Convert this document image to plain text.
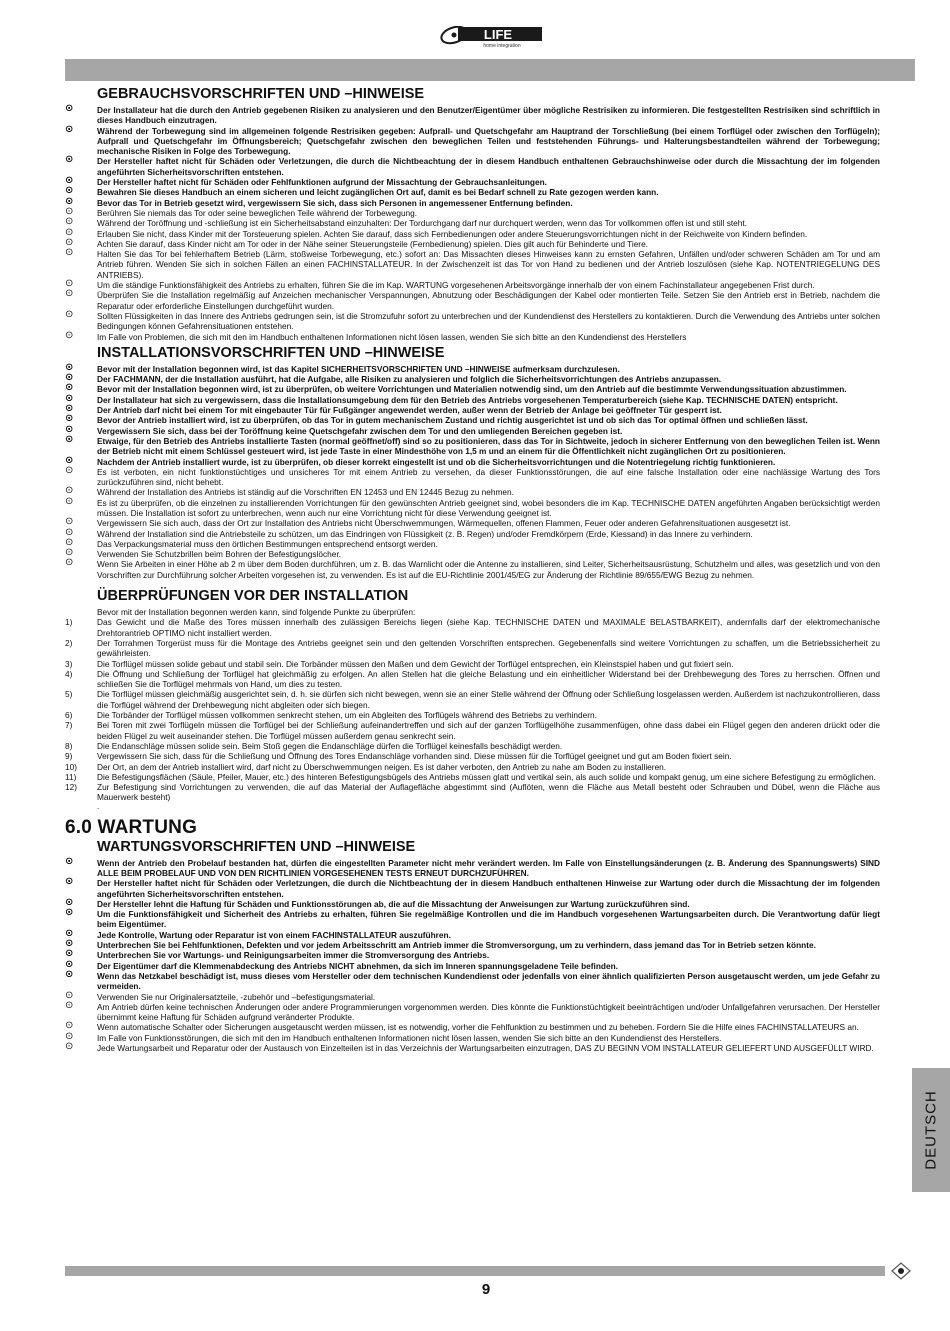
LIFE
home integration
GEBRAUCHSVORSCHRIFTEN UND –HINWEISE
⊙ Der Installateur hat die durch den Antrieb gegebenen Risiken zu analysieren und den Benutzer/Eigentümer über mögliche Restrisiken zu informieren. Die festgestellten Restrisiken sind schriftlich in dieses Handbuch einzutragen.
⊙ Während der Torbewegung sind im allgemeinen folgende Restrisiken gegeben: Aufprall- und Quetschgefahr am Hauptrand der Torschließung (bei einem Torflügel oder zwischen den Torflügeln); Aufprall und Quetschgefahr im Öffnungsbereich; Quetschgefahr zwischen den beweglichen Teilen und feststehenden Führungs- und Halterungsbestandteilen während der Torbewegung; mechanische Risiken in Folge des Torbewegung.
⊙ Der Hersteller haftet nicht für Schäden oder Verletzungen, die durch die Nichtbeachtung der in diesem Handbuch enthaltenen Gebrauchshinweise oder durch die Missachtung der im folgenden angeführten Sicherheitsvorschriften entstehen.
⊙ Der Hersteller haftet nicht für Schäden oder Fehlfunktionen aufgrund der Missachtung der Gebrauchsanleitungen.
⊙ Bewahren Sie dieses Handbuch an einem sicheren und leicht zugänglichen Ort auf, damit es bei Bedarf schnell zu Rate gezogen werden kann.
⊙ Bevor das Tor in Betrieb gesetzt wird, vergewissern Sie sich, dass sich Personen in angemessener Entfernung befinden.
⊙ Berühren Sie niemals das Tor oder seine beweglichen Teile während der Torbewegung.
⊙ Während der Toröffnung und -schließung ist ein Sicherheitsabstand einzuhalten: Der Tordurchgang darf nur durchquert werden, wenn das Tor vollkommen offen ist und still steht.
⊙ Erlauben Sie nicht, dass Kinder mit der Torsteuerung spielen. Achten Sie darauf, dass sich Fernbedienungen oder andere Steuerungsvorrichtungen nicht in der Reichweite von Kindern befinden.
⊙ Achten Sie darauf, dass Kinder nicht am Tor oder in der Nähe seiner Steuerungsteile (Fernbedienung) spielen. Dies gilt auch für Behinderte und Tiere.
⊙ Halten Sie das Tor bei fehlerhaftem Betrieb (Lärm, stoßweise Torbewegung, etc.) sofort an: Das Missachten dieses Hinweises kann zu ernsten Gefahren, Unfällen und/oder schweren Schäden am Tor und am Antrieb führen. Wenden Sie sich in solchen Fällen an einen FACHINSTALLATEUR. In der Zwischenzeit ist das Tor von Hand zu bedienen und der Antrieb loszulösen (siehe Kap. NOTENTRIEGELUNG DES ANTRIEBS).
⊙ Um die ständige Funktionsfähigkeit des Antriebs zu erhalten, führen Sie die im Kap. WARTUNG vorgesehenen Arbeitsvorgänge innerhalb der von einem Fachinstallateur angegebenen Frist durch.
⊙ Überprüfen Sie die Installation regelmäßig auf Anzeichen mechanischer Verspannungen, Abnutzung oder Beschädigungen der Kabel oder montierten Teile. Setzen Sie den Antrieb erst in Betrieb, nachdem die Reparatur oder erforderliche Einstellungen durchgeführt wurden.
⊙ Sollten Flüssigkeiten in das Innere des Antriebs gedrungen sein, ist die Stromzufuhr sofort zu unterbrechen und der Kundendienst des Herstellers zu kontaktieren. Durch die Verwendung des Antriebs unter solchen Bedingungen können Gefahrensituationen entstehen.
⊙ Im Falle von Problemen, die sich mit den im Handbuch enthaltenen Informationen nicht lösen lassen, wenden Sie sich bitte an den Kundendienst des Herstellers
INSTALLATIONSVORSCHRIFTEN UND –HINWEISE
⊙ Bevor mit der Installation begonnen wird, ist das Kapitel SICHERHEITSVORSCHRIFTEN UND –HINWEISE aufmerksam durchzulesen.
⊙ Der FACHMANN, der die Installation ausführt, hat die Aufgabe, alle Risiken zu analysieren und folglich die Sicherheitsvorrichtungen des Antriebs anzupassen.
⊙ Bevor mit der Installation begonnen wird, ist zu überprüfen, ob weitere Vorrichtungen und Materialien notwendig sind, um den Antrieb auf die bestimmte Verwendungssituation abzustimmen.
⊙ Der Installateur hat sich zu vergewissern, dass die Installationsumgebung dem für den Betrieb des Antriebs vorgesehenen Temperaturbereich (siehe Kap. TECHNISCHE DATEN) entspricht.
⊙ Der Antrieb darf nicht bei einem Tor mit eingebauter Tür für Fußgänger angewendet werden, außer wenn der Betrieb der Anlage bei geöffneter Tür gesperrt ist.
⊙ Bevor der Antrieb installiert wird, ist zu überprüfen, ob das Tor in gutem mechanischem Zustand und richtig ausgerichtet ist und ob sich das Tor optimal öffnen und schließen lässt.
⊙ Vergewissern Sie sich, dass bei der Toröffnung keine Quetschgefahr zwischen dem Tor und den umliegenden Bereichen gegeben ist.
⊙ Etwaige, für den Betrieb des Antriebs installierte Tasten (normal geöffnet/off) sind so zu positionieren, dass das Tor in Sichtweite, jedoch in sicherer Entfernung von den beweglichen Teilen ist. Wenn der Betrieb nicht mit einem Schlüssel gesteuert wird, ist jede Taste in einer Mindesthöhe von 1,5 m und an einem für die Öffentlichkeit nicht zugänglichen Ort zu positionieren.
⊙ Nachdem der Antrieb installiert wurde, ist zu überprüfen, ob dieser korrekt eingestellt ist und ob die Sicherheitsvorrichtungen und die Notentriegelung richtig funktionieren.
⊙ Es ist verboten, ein nicht funktionstüchtiges und unsicheres Tor mit einem Antrieb zu versehen, da dieser Funktionsstörungen, die auf eine falsche Installation oder eine nachlässige Wartung des Tors zurückzuführen sind, nicht behebt.
⊙ Während der Installation des Antriebs ist ständig auf die Vorschriften EN 12453 und EN 12445 Bezug zu nehmen.
⊙ Es ist zu überprüfen, ob die einzelnen zu installierenden Vorrichtungen für den gewünschten Antrieb geeignet sind, wobei besonders die im Kap. TECHNISCHE DATEN angeführten Angaben berücksichtigt werden müssen. Die Installation ist sofort zu unterbrechen, wenn auch nur eine Vorrichtung nicht für diese Verwendung geeignet ist.
⊙ Vergewissern Sie sich auch, dass der Ort zur Installation des Antriebs nicht Überschwemmungen, Wärmequellen, offenen Flammen, Feuer oder anderen Gefahrensituationen ausgesetzt ist.
⊙ Während der Installation sind die Antriebsteile zu schützen, um das Eindringen von Flüssigkeit (z. B. Regen) und/oder Fremdkörpern (Erde, Kiessand) in das Innere zu verhindern.
⊙ Das Verpackungsmaterial muss den örtlichen Bestimmungen entsprechend entsorgt werden.
⊙ Verwenden Sie Schutzbrillen beim Bohren der Befestigungslöcher.
⊙ Wenn Sie Arbeiten in einer Höhe ab 2 m über dem Boden durchführen, um z. B. das Warnlicht oder die Antenne zu installieren, sind Leiter, Sicherheitsausrüstung, Schutzhelm und alles, was gesetzlich und von den Vorschriften zur Durchführung solcher Arbeiten vorgesehen ist, zu verwenden. Es ist auf die EU-Richtlinie 2001/45/EG zur Änderung der Richtlinie 89/655/EWG Bezug zu nehmen.
ÜBERPRÜFUNGEN VOR DER INSTALLATION
Bevor mit der Installation begonnen werden kann, sind folgende Punkte zu überprüfen:
1)	Das Gewicht und die Maße des Tores müssen innerhalb des zulässigen Bereichs liegen (siehe Kap. TECHNISCHE DATEN und MAXIMALE BELASTBARKEIT), andernfalls darf der elektromechanische Drehtorantrieb OPTIMO nicht installiert werden.
2)	Der Torrahmen Torgerüst muss für die Montage des Antriebs geeignet sein und den geltenden Vorschriften entsprechen. Gegebenenfalls sind weitere Vorrichtungen zu schaffen, um die Betriebssicherheit zu gewährleisten.
3)	Die Torflügel müssen solide gebaut und stabil sein. Die Torbänder müssen den Maßen und dem Gewicht der Torflügel entsprechen, ein Kleinstspiel haben und gut fixiert sein.
4)	Die Öffnung und Schließung der Torflügel hat gleichmäßig zu erfolgen. An allen Stellen hat die gleiche Belastung und ein einheitlicher Widerstand bei der Drehbewegung des Tores zu herrschen. Öffnen und schließen Sie die Torflügel mehrmals von Hand, um dies zu testen.
5)	Die Torflügel müssen gleichmäßig ausgerichtet sein, d. h. sie dürfen sich nicht bewegen, wenn sie an einer Stelle während der Öffnung oder Schließung losgelassen werden. Außerdem ist nachzukontrollieren, dass die Torflügel während der Drehbewegung nicht abgleiten oder sich biegen.
6)	Die Torbänder der Torflügel müssen vollkommen senkrecht stehen, um ein Abgleiten des Torflügels während des Betriebs zu verhindern.
7)	Bei Toren mit zwei Torflügeln müssen die Torflügel bei der Schließung aufeinandertreffen und sich auf der ganzen Torflügelhöhe zusammenfügen, ohne dass dabei ein Flügel gegen den anderen drückt oder die beiden Flügel zu weit auseinander stehen. Die Torflügel müssen außerdem genau senkrecht sein.
8)	Die Endanschläge müssen solide sein. Beim Stoß gegen die Endanschläge dürfen die Torflügel keinesfalls beschädigt werden.
9)	Vergewissern Sie sich, dass für die Schließung und Öffnung des Tores Endanschläge vorhanden sind. Diese müssen für die Torflügel geeignet und gut am Boden fixiert sein.
10) Der Ort, an dem der Antrieb installiert wird, darf nicht zu Überschwemmungen neigen. Es ist daher verboten, den Antrieb zu nahe am Boden zu installieren.
11) Die Befestigungsflächen (Säule, Pfeiler, Mauer, etc.) des hinteren Befestigungsbügels des Antriebs müssen glatt und vertikal sein, als auch solide und kompakt genug, um eine sichere Befestigung zu ermöglichen.
12) Zur Befestigung sind Vorrichtungen zu verwenden, die auf das Material der Auflagefläche abgestimmt sind (Auflöten, wenn die Fläche aus Metall besteht oder Schrauben und Dübel, wenn die Fläche aus Mauerwerk besteht)
.
6.0 WARTUNG
WARTUNGSVORSCHRIFTEN UND –HINWEISE
⊙ Wenn der Antrieb den Probelauf bestanden hat, dürfen die eingestellten Parameter nicht mehr verändert werden. Im Falle von Einstellungsänderungen (z. B. Änderung des Spannungswerts) SIND ALLE BEIM PROBELAUF UND VON DEN RICHTLINIEN VORGESEHENEN TESTS ERNEUT DURCHZUFÜHREN.
⊙ Der Hersteller haftet nicht für Schäden oder Verletzungen, die durch die Nichtbeachtung der in diesem Handbuch enthaltenen Hinweise zur Wartung oder durch die Missachtung der im folgenden angeführten Sicherheitsvorschriften entstehen.
⊙ Der Hersteller lehnt die Haftung für Schäden und Funktionsstörungen ab, die auf die Missachtung der Anweisungen zur Wartung zurückzuführen sind.
⊙ Um die Funktionsfähigkeit und Sicherheit des Antriebs zu erhalten, führen Sie regelmäßige Kontrollen und die im Handbuch vorgesehenen Wartungsarbeiten durch. Die Verantwortung dafür liegt beim Eigentümer.
⊙ Jede Kontrolle, Wartung oder Reparatur ist von einem FACHINSTALLATEUR auszuführen.
⊙ Unterbrechen Sie bei Fehlfunktionen, Defekten und vor jedem Arbeitsschritt am Antrieb immer die Stromversorgung, um zu verhindern, dass jemand das Tor in Betrieb setzen könnte.
⊙ Unterbrechen Sie vor Wartungs- und Reinigungsarbeiten immer die Stromversorgung des Antriebs.
⊙ Der Eigentümer darf die Klemmenabdeckung des Antriebs NICHT abnehmen, da sich im Inneren spannungsgeladene Teile befinden.
⊙ Wenn das Netzkabel beschädigt ist, muss dieses vom Hersteller oder dem technischen Kundendienst oder jedenfalls von einer ähnlich qualifizierten Person ausgetauscht werden, um jede Gefahr zu vermeiden.
⊙ Verwenden Sie nur Originalersatzteile, -zubehör und –befestigungsmaterial.
⊙ Am Antrieb dürfen keine technischen Änderungen oder andere Programmierungen vorgenommen werden. Dies könnte die Funktionstüchtigkeit beeinträchtigen und/oder Unfallgefahren verursachen. Der Hersteller übernimmt keine Haftung für Schäden aufgrund veränderter Produkte.
⊙ Wenn automatische Schalter oder Sicherungen ausgetauscht werden müssen, ist es notwendig, vorher die Fehlfunktion zu bestimmen und zu beheben. Fordern Sie die Hilfe eines FACHINSTALLATEURS an.
⊙ Im Falle von Funktionsstörungen, die sich mit den im Handbuch enthaltenen Informationen nicht lösen lassen, wenden Sie sich bitte an den Kundendienst des Herstellers.
⊙ Jede Wartungsarbeit und Reparatur oder der Austausch von Einzelteilen ist in das Verzeichnis der Wartungsarbeiten einzutragen, DAS ZU BEGINN VOM INSTALLATEUR GELIEFERT UND AUSGEFÜLLT WIRD.
DEUTSCH
9
